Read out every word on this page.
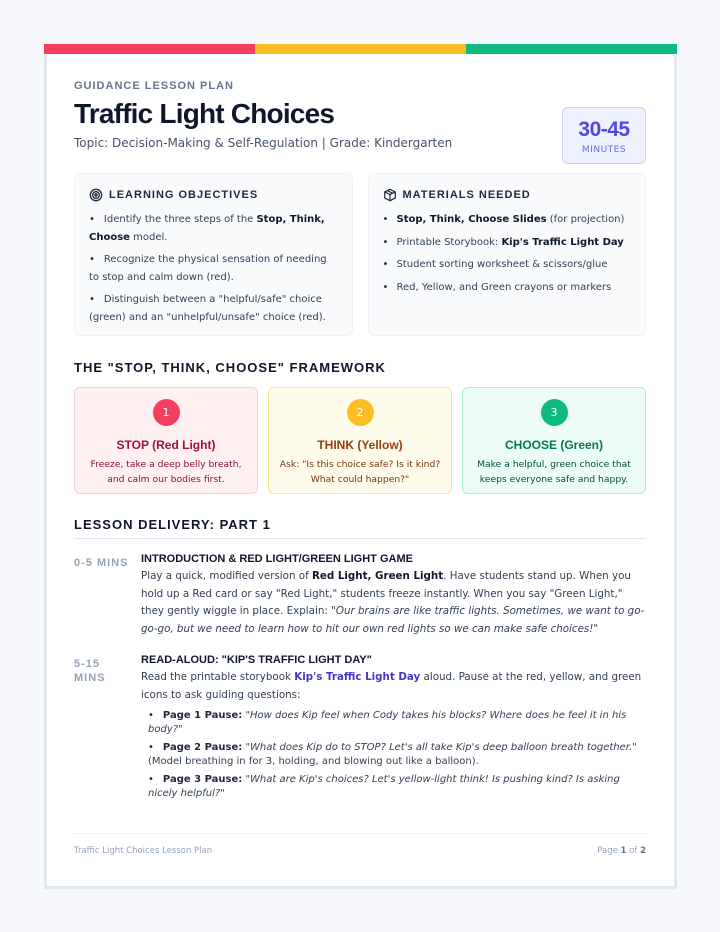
GUIDANCE LESSON PLAN
Traffic Light Choices
Topic: Decision-Making & Self-Regulation | Grade: Kindergarten
30-45
MINUTES
LEARNING OBJECTIVES
• Identify the three steps of the Stop, Think, Choose model.
• Recognize the physical sensation of needing to stop and calm down (red).
• Distinguish between a "helpful/safe" choice (green) and an "unhelpful/unsafe" choice (red).
MATERIALS NEEDED
• Stop, Think, Choose Slides (for projection)
• Printable Storybook: Kip's Traffic Light Day
• Student sorting worksheet & scissors/glue
• Red, Yellow, and Green crayons or markers
THE "STOP, THINK, CHOOSE" FRAMEWORK
1
STOP (Red Light)
Freeze, take a deep belly breath, and calm our bodies first.
2
THINK (Yellow)
Ask: "Is this choice safe? Is it kind? What could happen?"
3
CHOOSE (Green)
Make a helpful, green choice that keeps everyone safe and happy.
LESSON DELIVERY: PART 1
0-5 MINS	INTRODUCTION & RED LIGHT/GREEN LIGHT GAME
Play a quick, modified version of Red Light, Green Light. Have students stand up. When you hold up a Red card or say "Red Light," students freeze instantly. When you say "Green Light," they gently wiggle in place. Explain: "Our brains are like traffic lights. Sometimes, we want to go-go-go, but we need to learn how to hit our own red lights so we can make safe choices!"
5-15 MINS
READ-ALOUD: "KIP'S TRAFFIC LIGHT DAY"
Read the printable storybook Kip's Traffic Light Day aloud. Pause at the red, yellow, and green icons to ask guiding questions:
• Page 1 Pause: "How does Kip feel when Cody takes his blocks? Where does he feel it in his body?"
• Page 2 Pause: "What does Kip do to STOP? Let's all take Kip's deep balloon breath together." (Model breathing in for 3, holding, and blowing out like a balloon).
• Page 3 Pause: "What are Kip's choices? Let's yellow-light think! Is pushing kind? Is asking nicely helpful?"
Traffic Light Choices Lesson Plan	Page 1 of 2
